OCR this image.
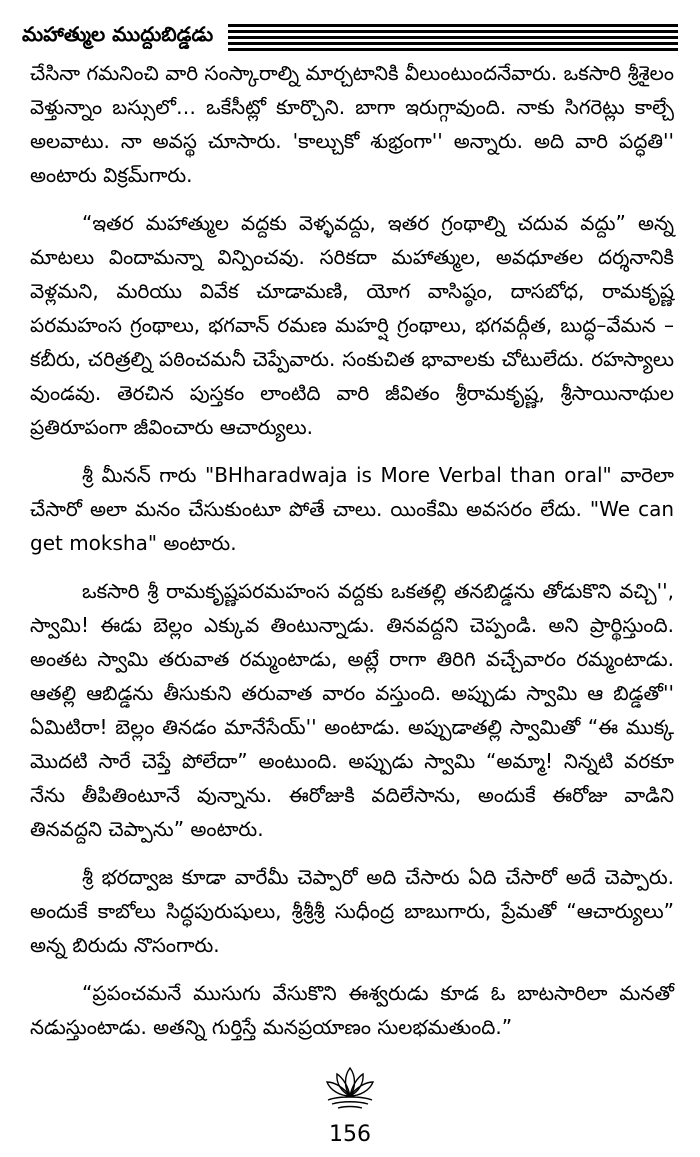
మహాత్ముల ముద్దుబిడ్డడు

చేసినా గమనించి వారి సంస్కారాల్ని మార్చటానికి వీలుంటుందనేవారు. ఒకసారి శ్రీశైలం వెళ్తున్నాం బస్సులో… ఒకేసీట్లో కూర్చొని. బాగా ఇరుగ్గావుంది. నాకు సిగరెట్లు కాల్చే అలవాటు. నా అవస్థ చూసారు. 'కాల్చుకో శుభ్రంగా'' అన్నారు. అది వారి పద్ధతి'' అంటారు విక్రమ్‌గారు.

“ఇతర మహాత్ముల వద్దకు వెళ్ళవద్దు, ఇతర గ్రంథాల్ని చదువ వద్దు” అన్న మాటలు విందామన్నా విన్పించవు. సరికదా మహాత్ముల, అవధూతల దర్శనానికి వెళ్లమని, మరియు వివేక చూడామణి, యోగ వాసిష్ఠం, దాసబోధ, రామకృష్ణ పరమహంస గ్రంథాలు, భగవాన్ రమణ మహర్షి గ్రంథాలు, భగవద్గీత, బుద్ధ–వేమన –కబీరు, చరిత్రల్ని పఠించమనీ చెప్పేవారు. సంకుచిత భావాలకు చోటులేదు. రహస్యాలు వుండవు. తెరచిన పుస్తకం లాంటిది వారి జీవితం శ్రీరామకృష్ణ, శ్రీసాయినాథుల ప్రతిరూపంగా జీవించారు ఆచార్యులు.

శ్రీ మీనన్ గారు "BHharadwaja is More Verbal than oral" వారెలా చేసారో అలా మనం చేసుకుంటూ పోతే చాలు. యింకేమి అవసరం లేదు. "We can get moksha" అంటారు.

ఒకసారి శ్రీ రామకృష్ణపరమహంస వద్దకు ఒకతల్లి తనబిడ్డను తోడుకొని వచ్చి'', స్వామి! ఈడు బెల్లం ఎక్కువ తింటున్నాడు. తినవద్దని చెప్పండి. అని ప్రార్థిస్తుంది. అంతట స్వామి తరువాత రమ్మంటాడు, అట్లే రాగా తిరిగి వచ్చేవారం రమ్మంటాడు. ఆతల్లి ఆబిడ్డను తీసుకుని తరువాత వారం వస్తుంది. అప్పుడు స్వామి ఆ బిడ్డతో'' ఏమిటిరా! బెల్లం తినడం మానేసేయ్'' అంటాడు. అప్పుడాతల్లి స్వామితో “ఈ ముక్క మొదటి సారే చెప్తే పోలేదా” అంటుంది. అప్పుడు స్వామి “అమ్మా! నిన్నటి వరకూ నేను తీపితింటూనే వున్నాను. ఈరోజుకి వదిలేసాను, అందుకే ఈరోజు వాడిని తినవద్దని చెప్పాను” అంటారు.

శ్రీ భరద్వాజ కూడా వారేమీ చెప్పారో అది చేసారు ఏది చేసారో అదే చెప్పారు. అందుకే కాబోలు సిద్ధపురుషులు, శ్రీశ్రీశ్రీ సుధీంద్ర బాబుగారు, ప్రేమతో “ఆచార్యులు” అన్న బిరుదు నొసంగారు.

“ప్రపంచమనే ముసుగు వేసుకొని ఈశ్వరుడు కూడ ఓ బాటసారిలా మనతో నడుస్తుంటాడు. అతన్ని గుర్తిస్తే మనప్రయాణం సులభమతుంది.”

156
